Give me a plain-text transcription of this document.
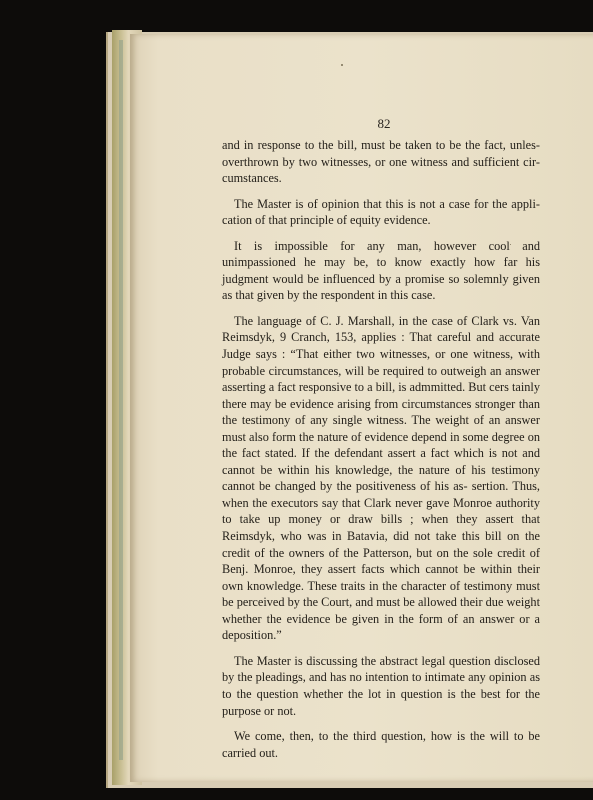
82

and in response to the bill, must be taken to be the fact, unles- overthrown by two witnesses, or one witness and sufficient cir- cumstances.

The Master is of opinion that this is not a case for the appli- cation of that principle of equity evidence.

It is impossible for any man, however cool and unimpassioned he may be, to know exactly how far his judgment would be influenced by a promise so solemnly given as that given by the respondent in this case.

The language of C. J. Marshall, in the case of Clark vs. Van Reimsdyk, 9 Cranch, 153, applies : That careful and accurate Judge says : “That either two witnesses, or one witness, with probable circumstances, will be required to outweigh an answer asserting a fact responsive to a bill, is admmitted. But cers tainly there may be evidence arising from circumstances stronger than the testimony of any single witness. The weight of an answer must also form the nature of evidence depend in some degree on the fact stated. If the defendant assert a fact which is not and cannot be within his knowledge, the nature of his testimony cannot be changed by the positiveness of his as- sertion. Thus, when the executors say that Clark never gave Monroe authority to take up money or draw bills ; when they assert that Reimsdyk, who was in Batavia, did not take this bill on the credit of the owners of the Patterson, but on the sole credit of Benj. Monroe, they assert facts which cannot be within their own knowledge. These traits in the character of testimony must be perceived by the Court, and must be allowed their due weight whether the evidence be given in the form of an answer or a deposition.”

The Master is discussing the abstract legal question disclosed by the pleadings, and has no intention to intimate any opinion as to the question whether the lot in question is the best for the purpose or not.

We come, then, to the third question, how is the will to be carried out.
